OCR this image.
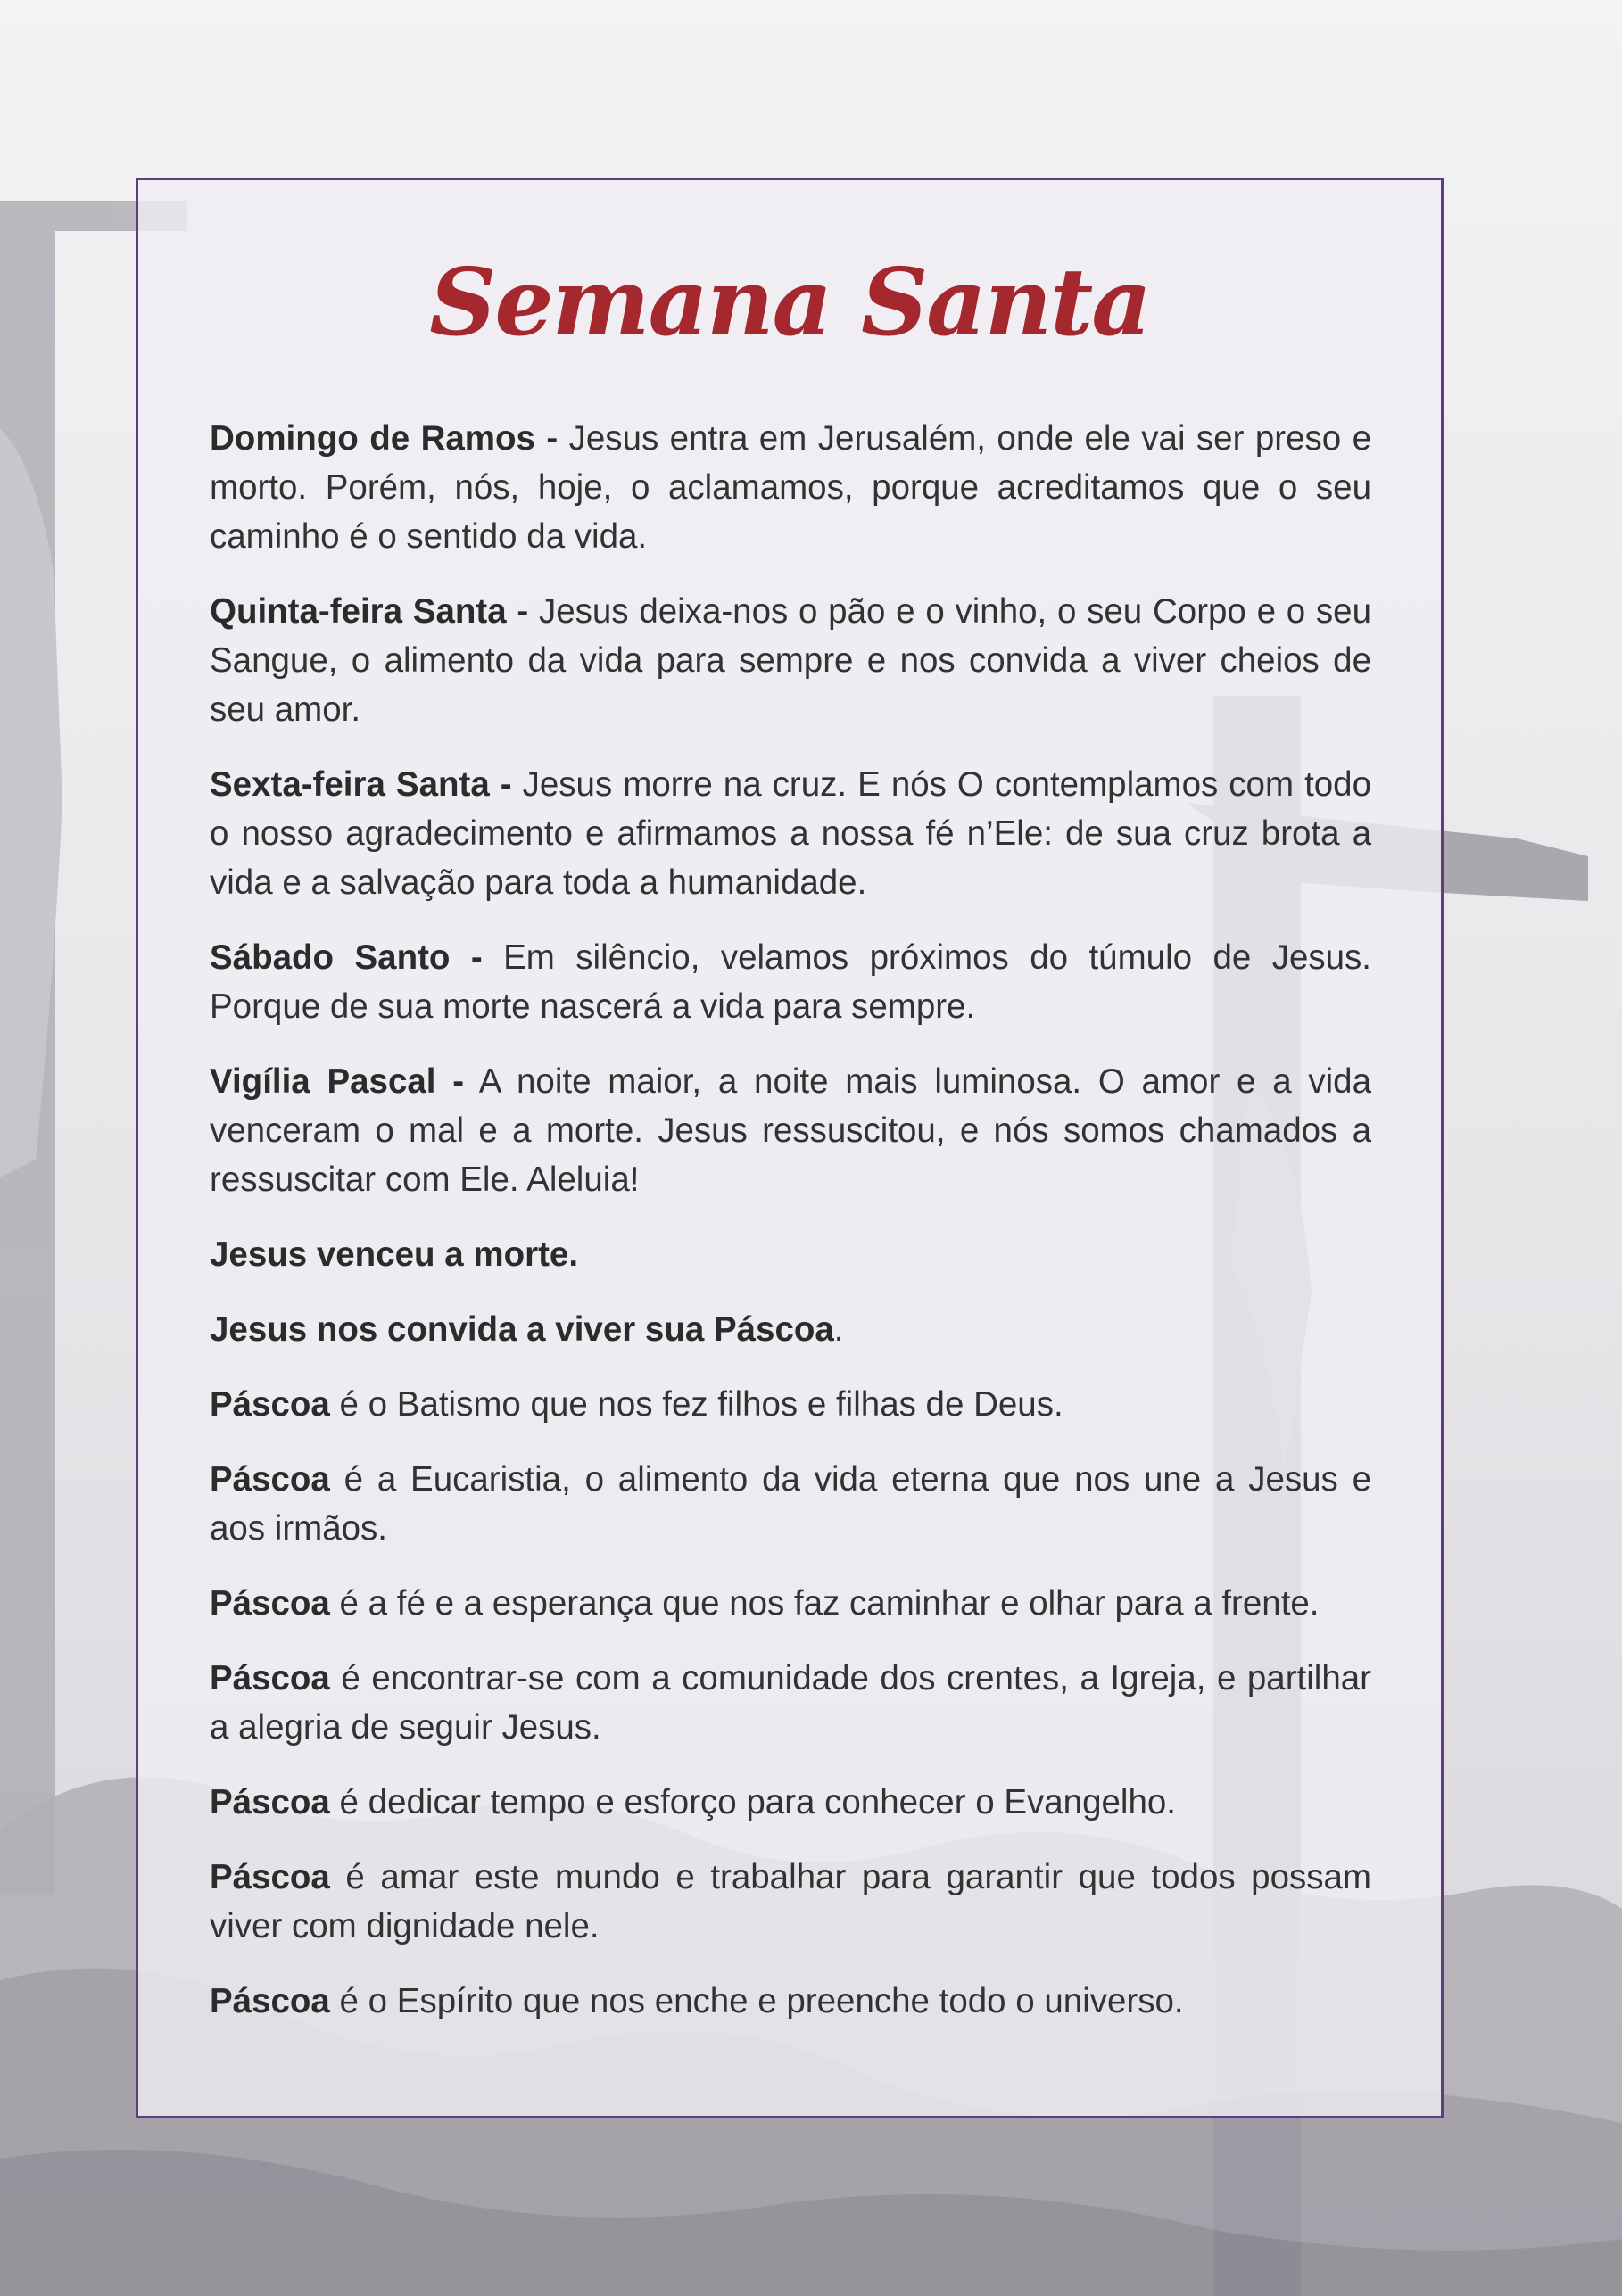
Semana Santa

Domingo de Ramos - Jesus entra em Jerusalém, onde ele vai ser preso e morto. Porém, nós, hoje, o aclamamos, porque acreditamos que o seu caminho é o sentido da vida.

Quinta-feira Santa - Jesus deixa-nos o pão e o vinho, o seu Corpo e o seu Sangue, o alimento da vida para sempre e nos convida a viver cheios de seu amor.

Sexta-feira Santa - Jesus morre na cruz. E nós O contemplamos com todo o nosso agradecimento e afirmamos a nossa fé n’Ele: de sua cruz brota a vida e a salvação para toda a humanidade.

Sábado Santo - Em silêncio, velamos próximos do túmulo de Jesus. Porque de sua morte nascerá a vida para sempre.

Vigília Pascal - A noite maior, a noite mais luminosa. O amor e a vida venceram o mal e a morte. Jesus ressuscitou, e nós somos chamados a ressuscitar com Ele. Aleluia!

Jesus venceu a morte.

Jesus nos convida a viver sua Páscoa.

Páscoa é o Batismo que nos fez filhos e filhas de Deus.

Páscoa é a Eucaristia, o alimento da vida eterna que nos une a Jesus e aos irmãos.

Páscoa é a fé e a esperança que nos faz caminhar e olhar para a frente.

Páscoa é encontrar-se com a comunidade dos crentes, a Igreja, e partilhar a alegria de seguir Jesus.

Páscoa é dedicar tempo e esforço para conhecer o Evangelho.

Páscoa é amar este mundo e trabalhar para garantir que todos possam viver com dignidade nele.

Páscoa é o Espírito que nos enche e preenche todo o universo.
